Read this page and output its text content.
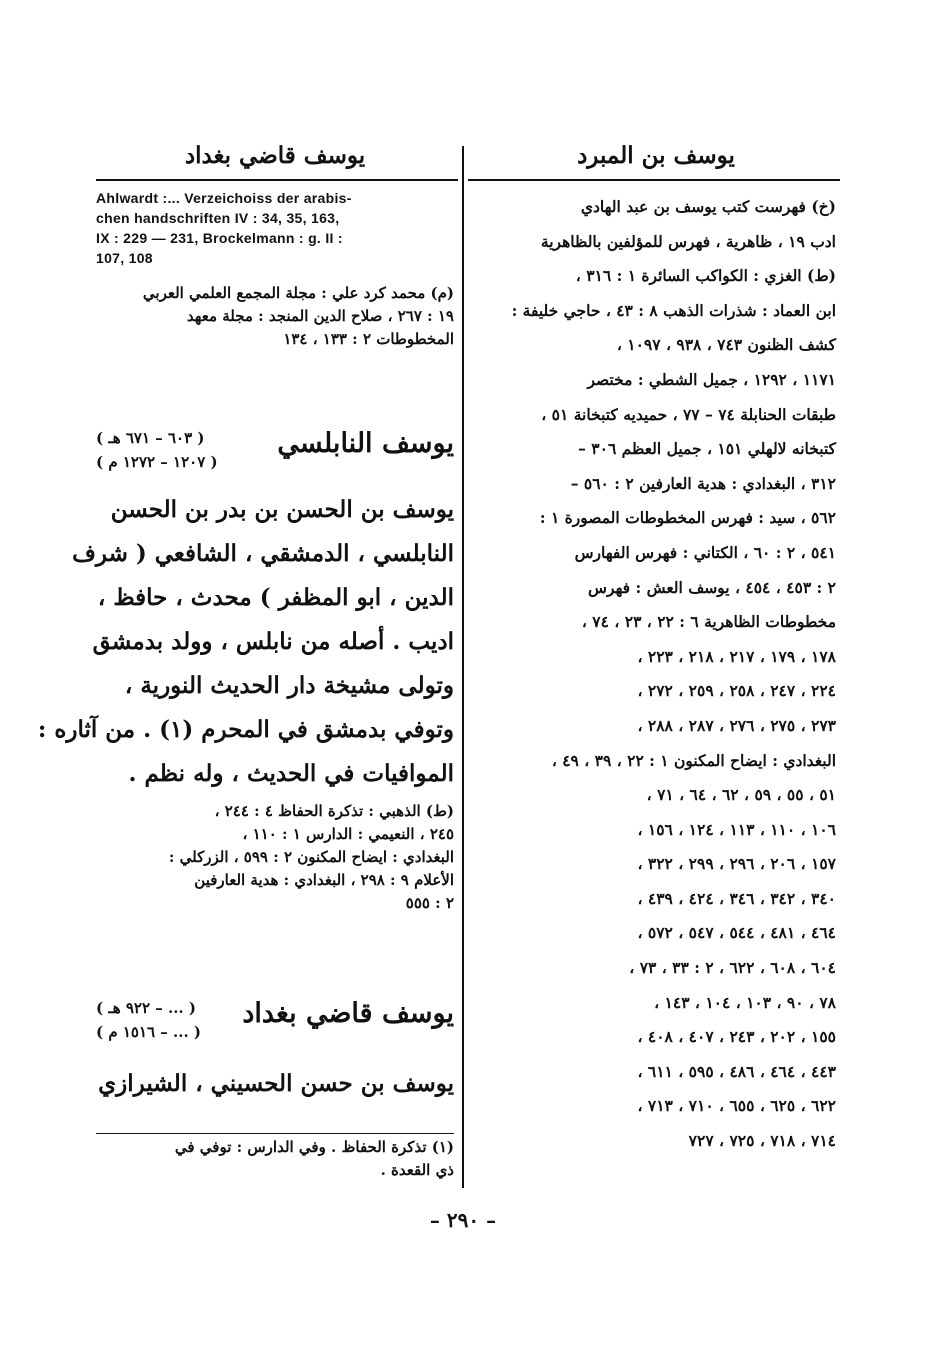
يوسف قاضي بغداد	يوسف بن المبرد
(خ) فهرست كتب يوسف بن عبد الهادي
ادب ١٩ ، ظاهرية ، فهرس للمؤلفين بالظاهرية
(ط) الغزي : الكواكب السائرة ١ : ٣١٦ ،
ابن العماد : شذرات الذهب ٨ : ٤٣ ، حاجي خليفة :
كشف الظنون ٧٤٣ ، ٩٣٨ ، ١٠٩٧ ،
١١٧١ ، ١٢٩٢ ، جميل الشطي : مختصر
طبقات الحنابلة ٧٤ – ٧٧ ، حميديه كتبخانة ٥١ ،
كتبخانه لالهلي ١٥١ ، جميل العظم ٣٠٦ –
٣١٢ ، البغدادي : هدية العارفين ٢ : ٥٦٠ –
٥٦٢ ، سيد : فهرس المخطوطات المصورة ١ :
٥٤١ ، ٢ : ٦٠ ، الكتاني : فهرس الفهارس
٢ : ٤٥٣ ، ٤٥٤ ، يوسف العش : فهرس
مخطوطات الظاهرية ٦ : ٢٢ ، ٢٣ ، ٧٤ ،
١٧٨ ، ١٧٩ ، ٢١٧ ، ٢١٨ ، ٢٢٣ ،
٢٢٤ ، ٢٤٧ ، ٢٥٨ ، ٢٥٩ ، ٢٧٢ ،
٢٧٣ ، ٢٧٥ ، ٢٧٦ ، ٢٨٧ ، ٢٨٨ ،
البغدادي : ايضاح المكنون ١ : ٢٢ ، ٣٩ ، ٤٩ ،
٥١ ، ٥٥ ، ٥٩ ، ٦٢ ، ٦٤ ، ٧١ ،
١٠٦ ، ١١٠ ، ١١٣ ، ١٢٤ ، ١٥٦ ،
١٥٧ ، ٢٠٦ ، ٢٩٦ ، ٢٩٩ ، ٣٢٢ ،
٣٤٠ ، ٣٤٢ ، ٣٤٦ ، ٤٢٤ ، ٤٣٩ ،
٤٦٤ ، ٤٨١ ، ٥٤٤ ، ٥٤٧ ، ٥٧٢ ،
٦٠٤ ، ٦٠٨ ، ٦٢٢ ، ٢ : ٣٣ ، ٧٣ ،
٧٨ ، ٩٠ ، ١٠٣ ، ١٠٤ ، ١٤٣ ،
١٥٥ ، ٢٠٢ ، ٢٤٣ ، ٤٠٧ ، ٤٠٨ ،
٤٤٣ ، ٤٦٤ ، ٤٨٦ ، ٥٩٥ ، ٦١١ ،
٦٢٢ ، ٦٢٥ ، ٦٥٥ ، ٧١٠ ، ٧١٣ ،
٧١٤ ، ٧١٨ ، ٧٢٥ ، ٧٢٧
Ahlwardt :... Verzeichoiss der arabis-
chen handschriften IV : 34, 35, 163,
IX : 229 — 231, Brockelmann : g. II :
107, 108
(م) محمد كرد علي : مجلة المجمع العلمي العربي
١٩ : ٢٦٧ ، صلاح الدين المنجد : مجلة معهد
المخطوطات ٢ : ١٣٣ ، ١٣٤
يوسف النابلسي
( ٦٠٣ – ٦٧١ هـ )
( ١٢٠٧ – ١٢٧٢ م )
يوسف بن الحسن بن بدر بن الحسن
النابلسي ، الدمشقي ، الشافعي ( شرف
الدين ، ابو المظفر ) محدث ، حافظ ،
اديب . أصله من نابلس ، وولد بدمشق
وتولى مشيخة دار الحديث النورية ،
وتوفي بدمشق في المحرم (١) . من آثاره :
الموافيات في الحديث ، وله نظم .
(ط) الذهبي : تذكرة الحفاظ ٤ : ٢٤٤ ،
٢٤٥ ، النعيمي : الدارس ١ : ١١٠ ،
البغدادي : ايضاح المكنون ٢ : ٥٩٩ ، الزركلي :
الأعلام ٩ : ٢٩٨ ، البغدادي : هدية العارفين
٢ : ٥٥٥
يوسف قاضي بغداد
( ... – ٩٢٢ هـ )
( ... – ١٥١٦ م )
يوسف بن حسن الحسيني ، الشيرازي
(١) تذكرة الحفاظ . وفي الدارس : توفي في
ذي القعدة .
– ٢٩٠ –
